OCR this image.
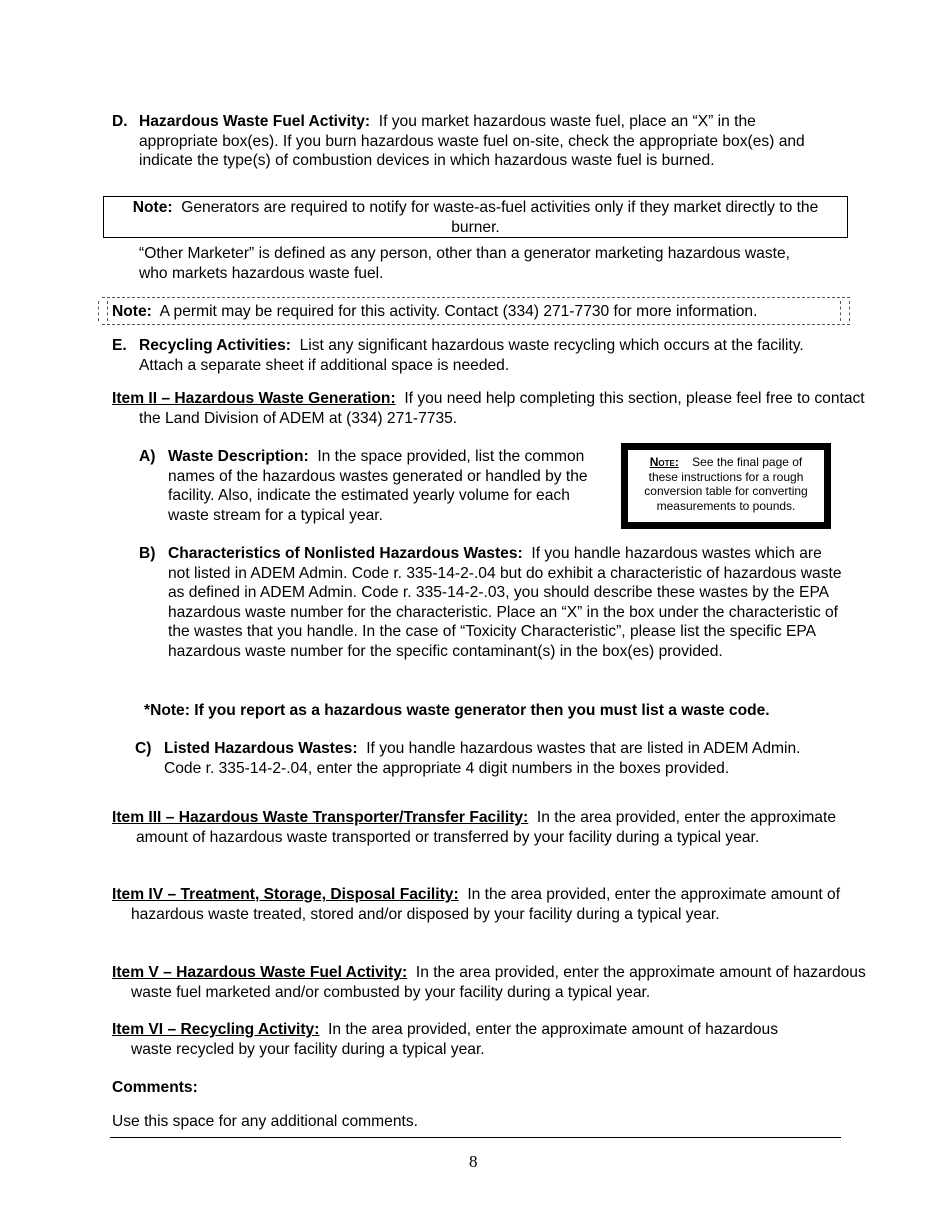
D. Hazardous Waste Fuel Activity: If you market hazardous waste fuel, place an “X” in the appropriate box(es). If you burn hazardous waste fuel on-site, check the appropriate box(es) and indicate the type(s) of combustion devices in which hazardous waste fuel is burned.
Note: Generators are required to notify for waste-as-fuel activities only if they market directly to the burner.
“Other Marketer” is defined as any person, other than a generator marketing hazardous waste, who markets hazardous waste fuel.
Note: A permit may be required for this activity. Contact (334) 271-7730 for more information.
E. Recycling Activities: List any significant hazardous waste recycling which occurs at the facility. Attach a separate sheet if additional space is needed.
Item II – Hazardous Waste Generation: If you need help completing this section, please feel free to contact the Land Division of ADEM at (334) 271-7735.
A) Waste Description: In the space provided, list the common names of the hazardous wastes generated or handled by the facility. Also, indicate the estimated yearly volume for each waste stream for a typical year.
Note: See the final page of these instructions for a rough conversion table for converting measurements to pounds.
B) Characteristics of Nonlisted Hazardous Wastes: If you handle hazardous wastes which are not listed in ADEM Admin. Code r. 335-14-2-.04 but do exhibit a characteristic of hazardous waste as defined in ADEM Admin. Code r. 335-14-2-.03, you should describe these wastes by the EPA hazardous waste number for the characteristic. Place an “X” in the box under the characteristic of the wastes that you handle. In the case of “Toxicity Characteristic”, please list the specific EPA hazardous waste number for the specific contaminant(s) in the box(es) provided.
*Note: If you report as a hazardous waste generator then you must list a waste code.
C) Listed Hazardous Wastes: If you handle hazardous wastes that are listed in ADEM Admin. Code r. 335-14-2-.04, enter the appropriate 4 digit numbers in the boxes provided.
Item III – Hazardous Waste Transporter/Transfer Facility: In the area provided, enter the approximate amount of hazardous waste transported or transferred by your facility during a typical year.
Item IV – Treatment, Storage, Disposal Facility: In the area provided, enter the approximate amount of hazardous waste treated, stored and/or disposed by your facility during a typical year.
Item V – Hazardous Waste Fuel Activity: In the area provided, enter the approximate amount of hazardous waste fuel marketed and/or combusted by your facility during a typical year.
Item VI – Recycling Activity: In the area provided, enter the approximate amount of hazardous waste recycled by your facility during a typical year.
Comments:
Use this space for any additional comments.
8
